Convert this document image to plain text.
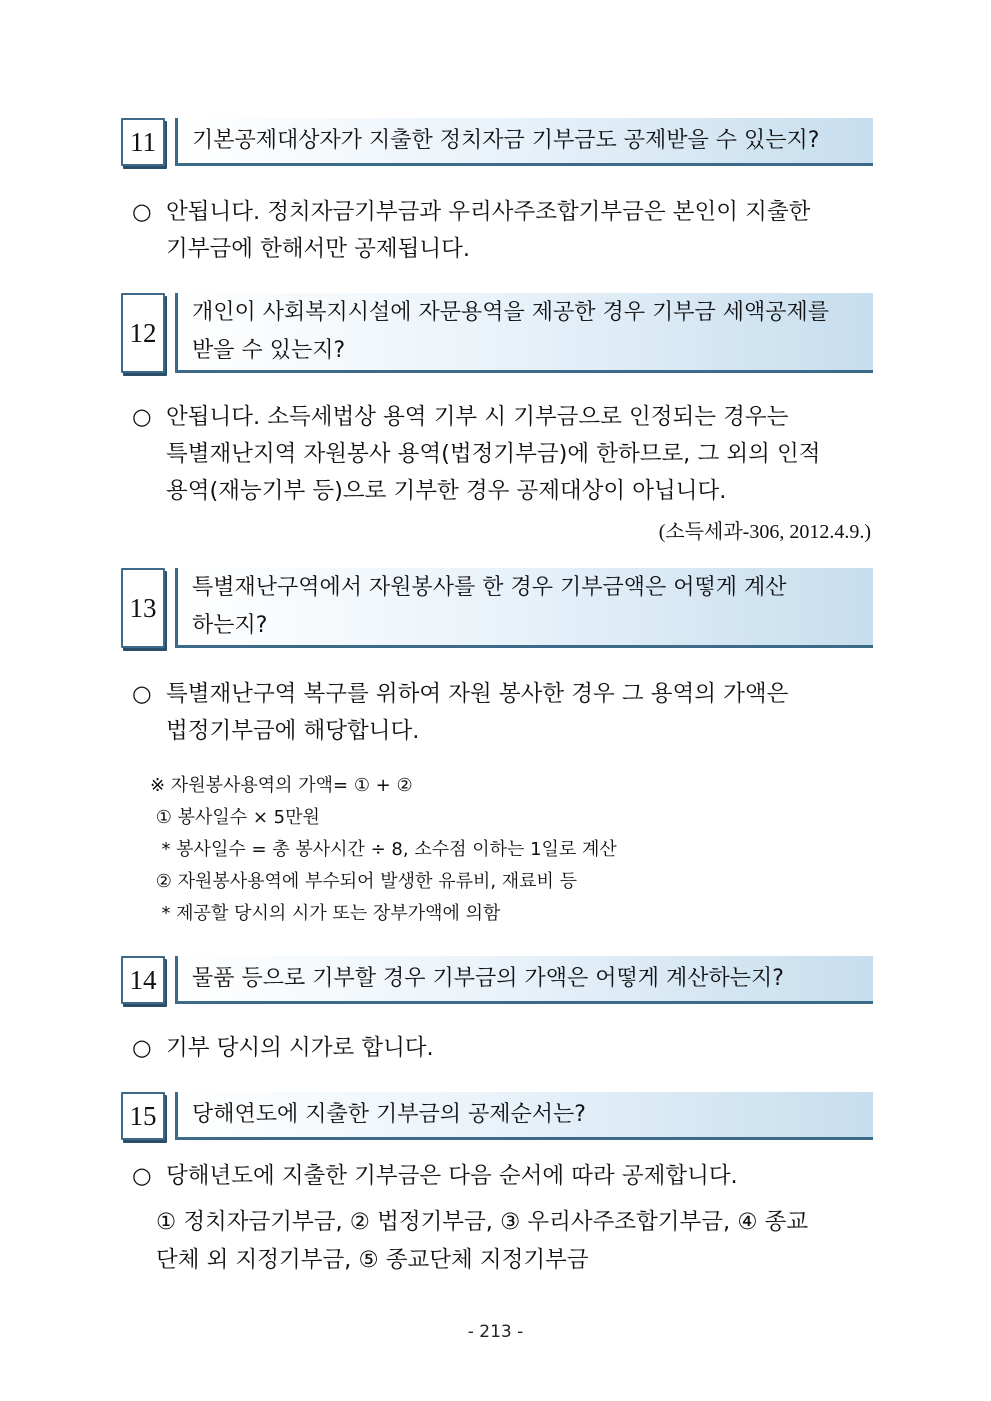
11	기본공제대상자가 지출한 정치자금 기부금도 공제받을 수 있는지?
○ 안됩니다. 정치자금기부금과 우리사주조합기부금은 본인이 지출한

기부금에 한해서만 공제됩니다.

12
개인이 사회복지시설에 자문용역을 제공한 경우 기부금 세액공제를
받을 수 있는지?
○ 안됩니다. 소득세법상 용역 기부 시 기부금으로 인정되는 경우는

특별재난지역 자원봉사 용역(법정기부금)에 한하므로, 그 외의 인적

용역(재능기부 등)으로 기부한 경우 공제대상이 아닙니다.

(소득세과-306, 2012.4.9.)
13
특별재난구역에서 자원봉사를 한 경우 기부금액은 어떻게 계산
하는지?
○ 특별재난구역 복구를 위하여 자원 봉사한 경우 그 용역의 가액은

법정기부금에 해당합니다.

※ 자원봉사용역의 가액= ① + ②
① 봉사일수 × 5만원
* 봉사일수 = 총 봉사시간 ÷ 8, 소수점 이하는 1일로 계산
② 자원봉사용역에 부수되어 발생한 유류비, 재료비 등
* 제공할 당시의 시가 또는 장부가액에 의함
14	물품 등으로 기부할 경우 기부금의 가액은 어떻게 계산하는지?
○ 기부 당시의 시가로 합니다.

15	당해연도에 지출한 기부금의 공제순서는?
○ 당해년도에 지출한 기부금은 다음 순서에 따라 공제합니다.

① 정치자금기부금, ② 법정기부금, ③ 우리사주조합기부금, ④ 종교
단체 외 지정기부금, ⑤ 종교단체 지정기부금
- 213 -
